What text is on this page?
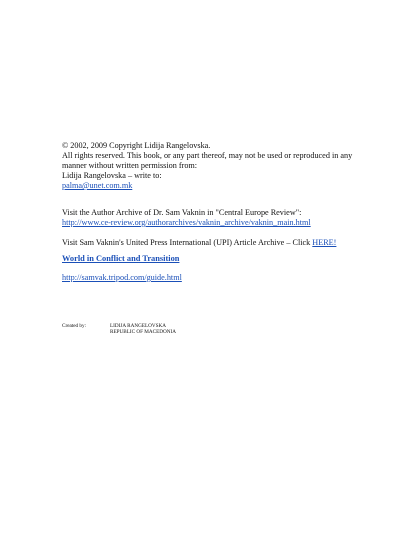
© 2002, 2009 Copyright Lidija Rangelovska.
All rights reserved. This book, or any part thereof, may not be used or reproduced in any
manner without written permission from:
Lidija Rangelovska – write to:
palma@unet.com.mk
Visit the Author Archive of Dr. Sam Vaknin in "Central Europe Review":
http://www.ce-review.org/authorarchives/vaknin_archive/vaknin_main.html
Visit Sam Vaknin's United Press International (UPI) Article Archive – Click HERE!
World in Conflict and Transition
http://samvak.tripod.com/guide.html
Created by:	LIDIJA RANGELOVSKA
REPUBLIC OF MACEDONIA
